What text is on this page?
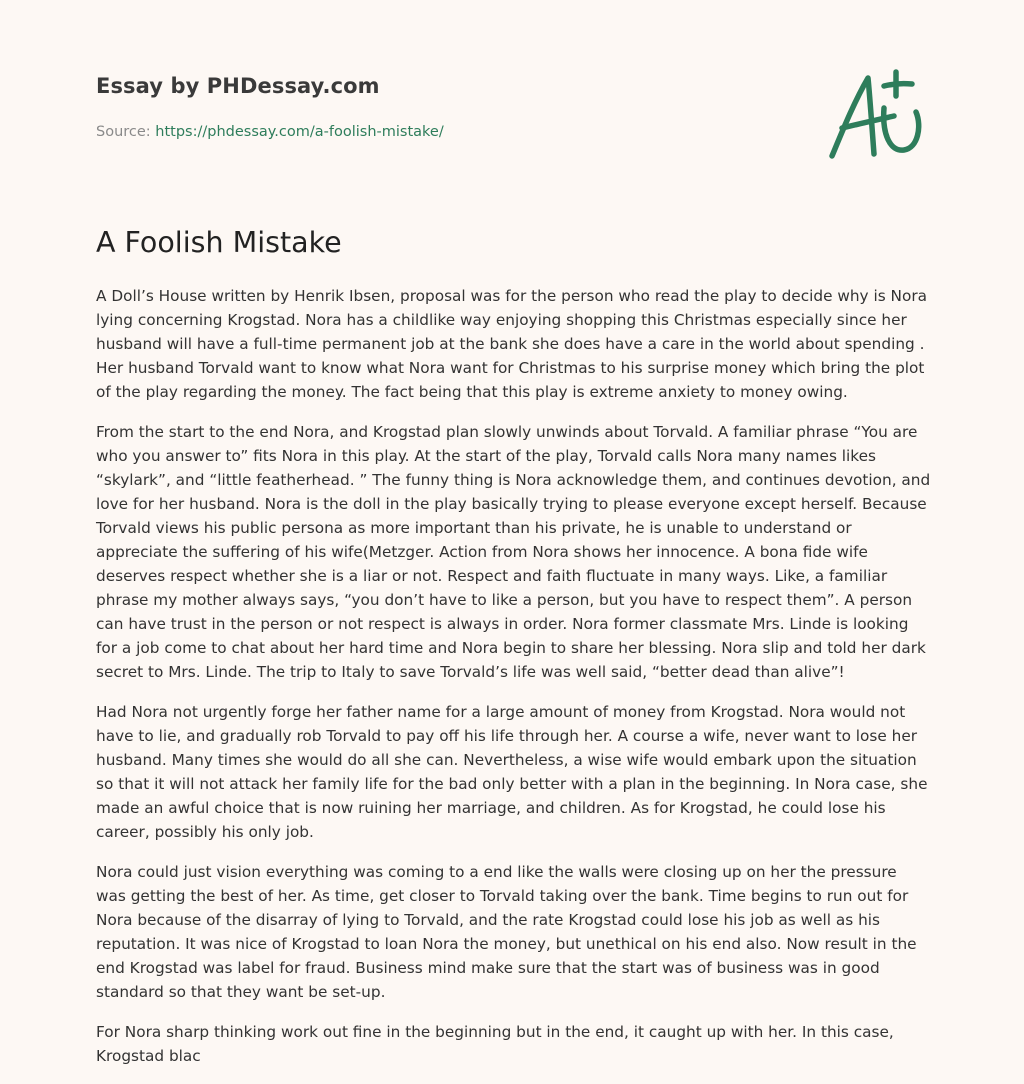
Essay by PHDessay.com
Source: https://phdessay.com/a-foolish-mistake/
A Foolish Mistake

A Doll’s House written by Henrik Ibsen, proposal was for the person who read the play to decide why is Nora lying concerning Krogstad. Nora has a childlike way enjoying shopping this Christmas especially since her husband will have a full-time permanent job at the bank she does have a care in the world about spending . Her husband Torvald want to know what Nora want for Christmas to his surprise money which bring the plot of the play regarding the money. The fact being that this play is extreme anxiety to money owing.

From the start to the end Nora, and Krogstad plan slowly unwinds about Torvald. A familiar phrase “You are who you answer to” fits Nora in this play. At the start of the play, Torvald calls Nora many names likes “skylark”, and “little featherhead. ” The funny thing is Nora acknowledge them, and continues devotion, and love for her husband. Nora is the doll in the play basically trying to please everyone except herself. Because Torvald views his public persona as more important than his private, he is unable to understand or appreciate the suffering of his wife(Metzger. Action from Nora shows her innocence. A bona fide wife deserves respect whether she is a liar or not. Respect and faith fluctuate in many ways. Like, a familiar phrase my mother always says, “you don’t have to like a person, but you have to respect them”. A person can have trust in the person or not respect is always in order. Nora former classmate Mrs. Linde is looking for a job come to chat about her hard time and Nora begin to share her blessing. Nora slip and told her dark secret to Mrs. Linde. The trip to Italy to save Torvald’s life was well said, “better dead than alive”!

Had Nora not urgently forge her father name for a large amount of money from Krogstad. Nora would not have to lie, and gradually rob Torvald to pay off his life through her. A course a wife, never want to lose her husband. Many times she would do all she can. Nevertheless, a wise wife would embark upon the situation so that it will not attack her family life for the bad only better with a plan in the beginning. In Nora case, she made an awful choice that is now ruining her marriage, and children. As for Krogstad, he could lose his career, possibly his only job.

Nora could just vision everything was coming to a end like the walls were closing up on her the pressure was getting the best of her. As time, get closer to Torvald taking over the bank. Time begins to run out for Nora because of the disarray of lying to Torvald, and the rate Krogstad could lose his job as well as his reputation. It was nice of Krogstad to loan Nora the money, but unethical on his end also. Now result in the end Krogstad was label for fraud. Business mind make sure that the start was of business was in good standard so that they want be set-up.

For Nora sharp thinking work out fine in the beginning but in the end, it caught up with her. In this case, Krogstad blac
